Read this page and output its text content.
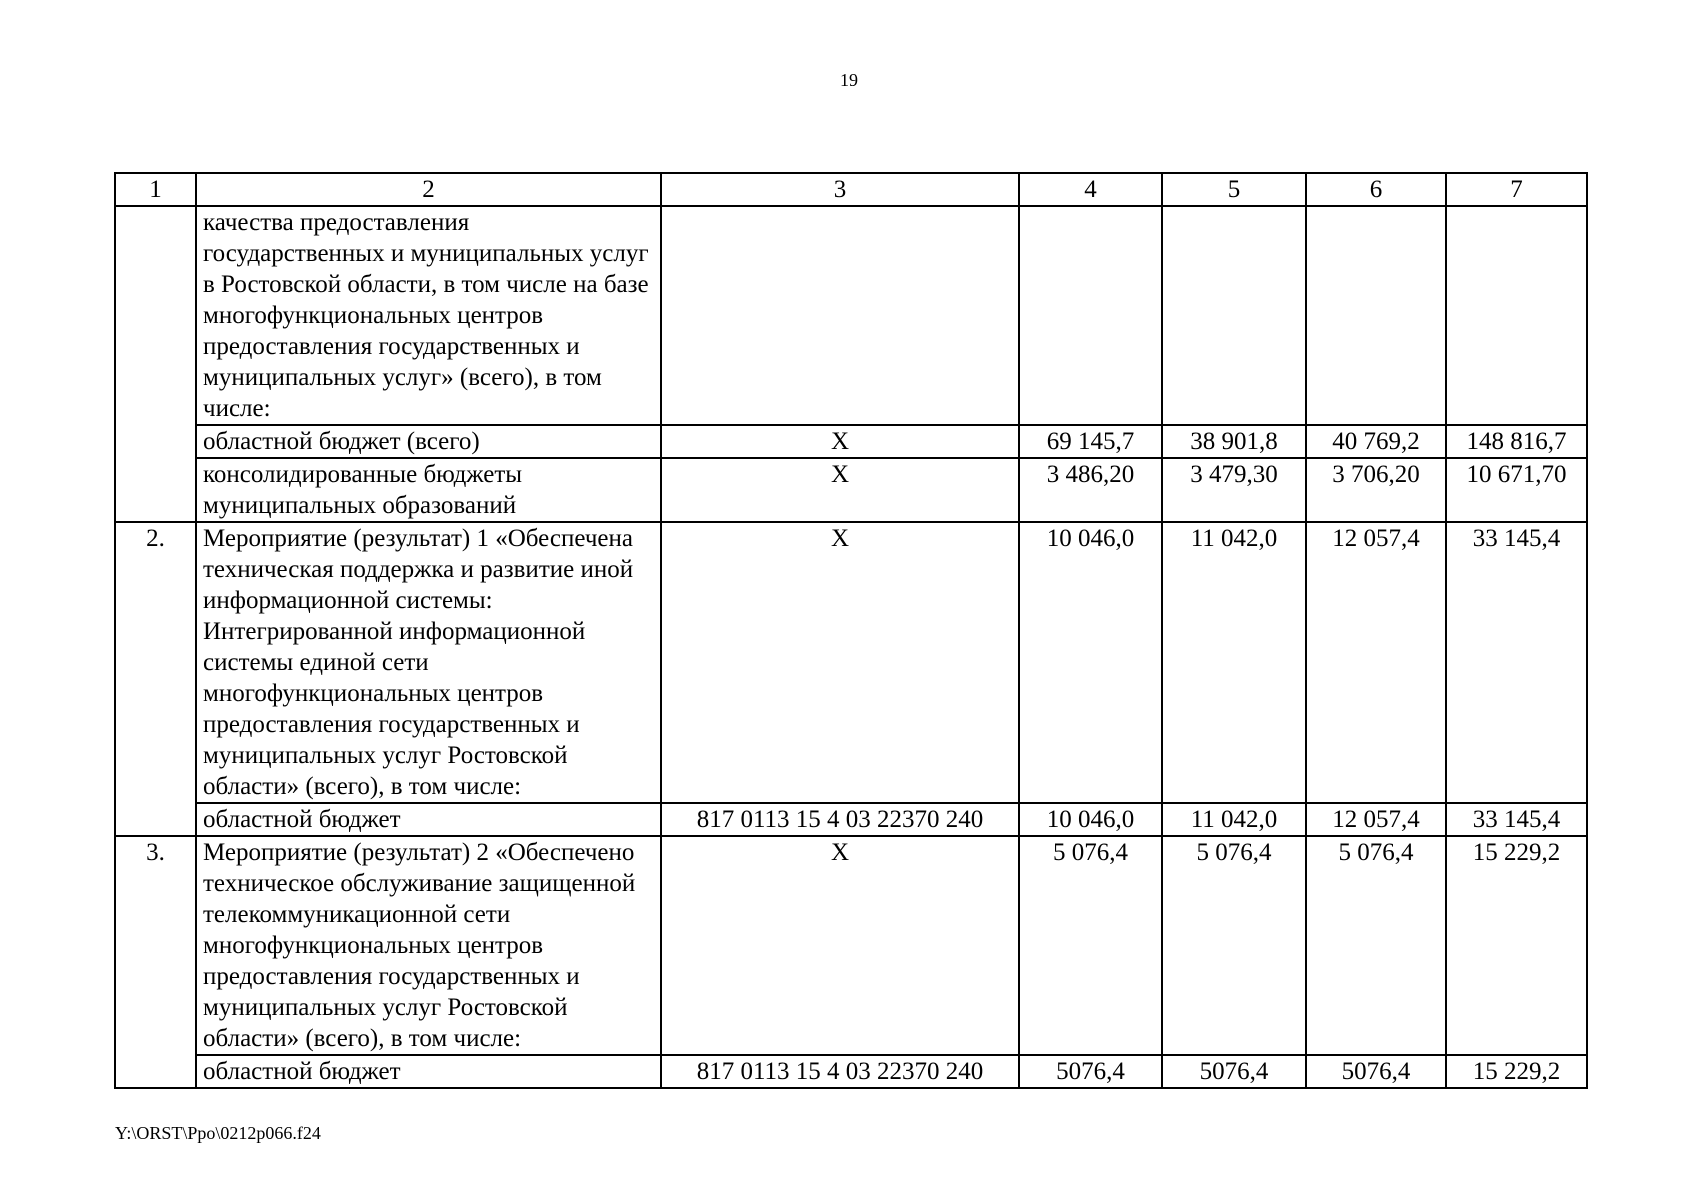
19
1	2	3	4	5	6	7
	качества предоставления государственных и муниципальных услуг в Ростовской области, в том числе на базе многофункциональных центров предоставления государственных и муниципальных услуг» (всего), в том числе:					
	областной бюджет (всего)	Х	69 145,7	38 901,8	40 769,2	148 816,7
	консолидированные бюджеты муниципальных образований	Х	3 486,20	3 479,30	3 706,20	10 671,70
2.	Мероприятие (результат) 1 «Обеспечена техническая поддержка и развитие иной информационной системы: Интегрированной информационной системы единой сети многофункциональных центров предоставления государственных и муниципальных услуг Ростовской области» (всего), в том числе:	Х	10 046,0	11 042,0	12 057,4	33 145,4
	областной бюджет	817 0113 15 4 03 22370 240	10 046,0	11 042,0	12 057,4	33 145,4
3.	Мероприятие (результат) 2 «Обеспечено техническое обслуживание защищенной телекоммуникационной сети многофункциональных центров предоставления государственных и муниципальных услуг Ростовской области» (всего), в том числе:	Х	5 076,4	5 076,4	5 076,4	15 229,2
	областной бюджет	817 0113 15 4 03 22370 240	5076,4	5076,4	5076,4	15 229,2
Y:\ORST\Ppo\0212p066.f24
